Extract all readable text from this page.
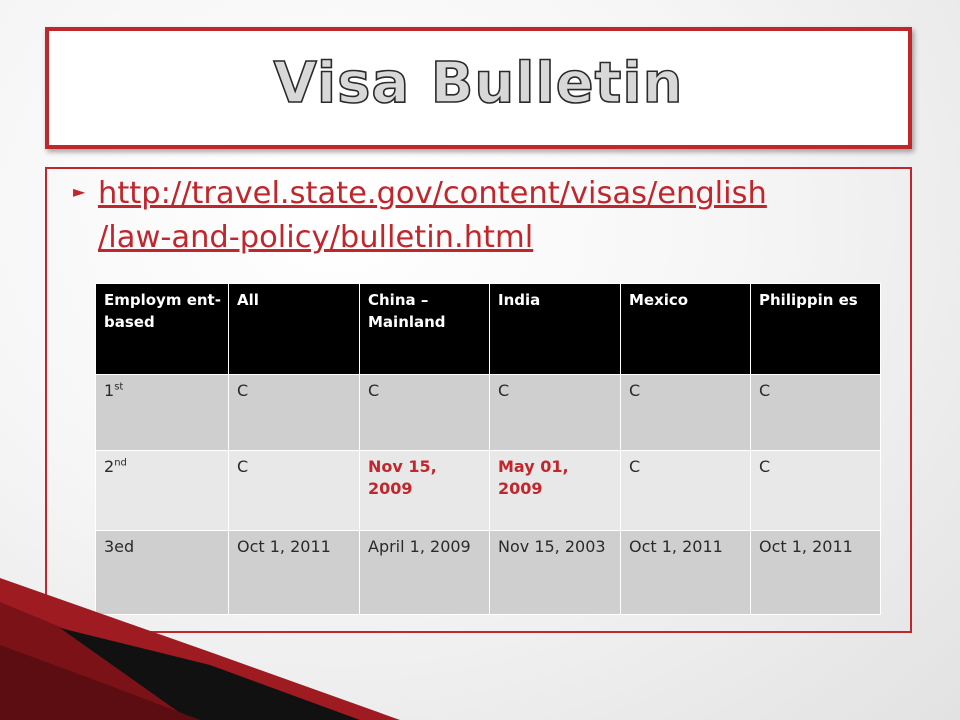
Visa Bulletin
► http://travel.state.gov/content/visas/english
/law-and-policy/bulletin.html
Employm ent- based	All	China – Mainland	India	Mexico	Philippin es
1st	C	C	C	C	C
2nd	C	Nov 15, 2009	May 01, 2009	C	C
3ed	Oct 1, 2011	April 1, 2009	Nov 15, 2003	Oct 1, 2011	Oct 1, 2011
